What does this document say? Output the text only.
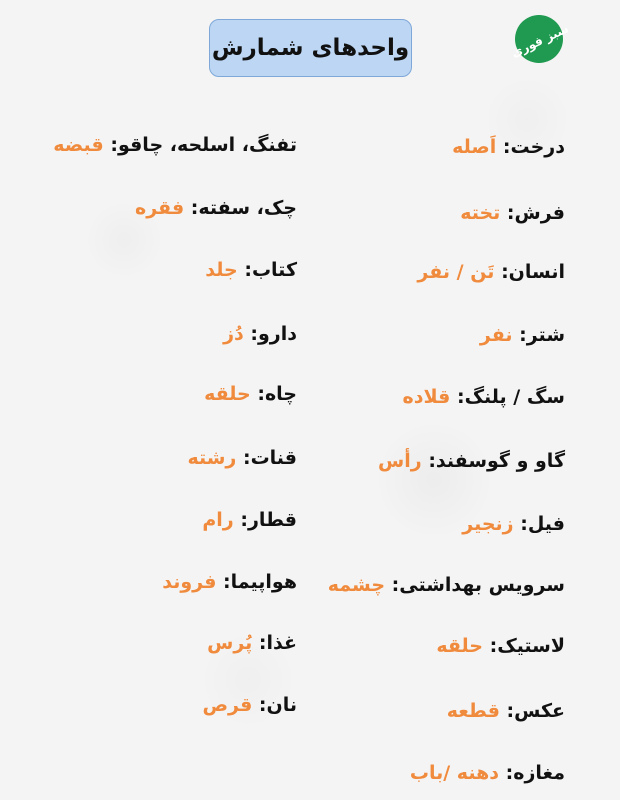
واحدهای شمارش	سبز فوری
درخت: اَصله
فرش: تخته
انسان: تَن / نفر
شتر: نفر
سگ / پلنگ: قلاده
گاو و گوسفند: رأس
فیل: زنجیر
سرویس بهداشتی: چشمه
لاستیک: حلقه
عکس: قطعه
مغازه: دهنه /باب
تفنگ، اسلحه، چاقو: قبضه
چک، سفته: فقره
کتاب: جلد
دارو: دُز
چاه: حلقه
قنات: رشته
قطار: رام
هواپیما: فروند
غذا: پُرس
نان: قرص
